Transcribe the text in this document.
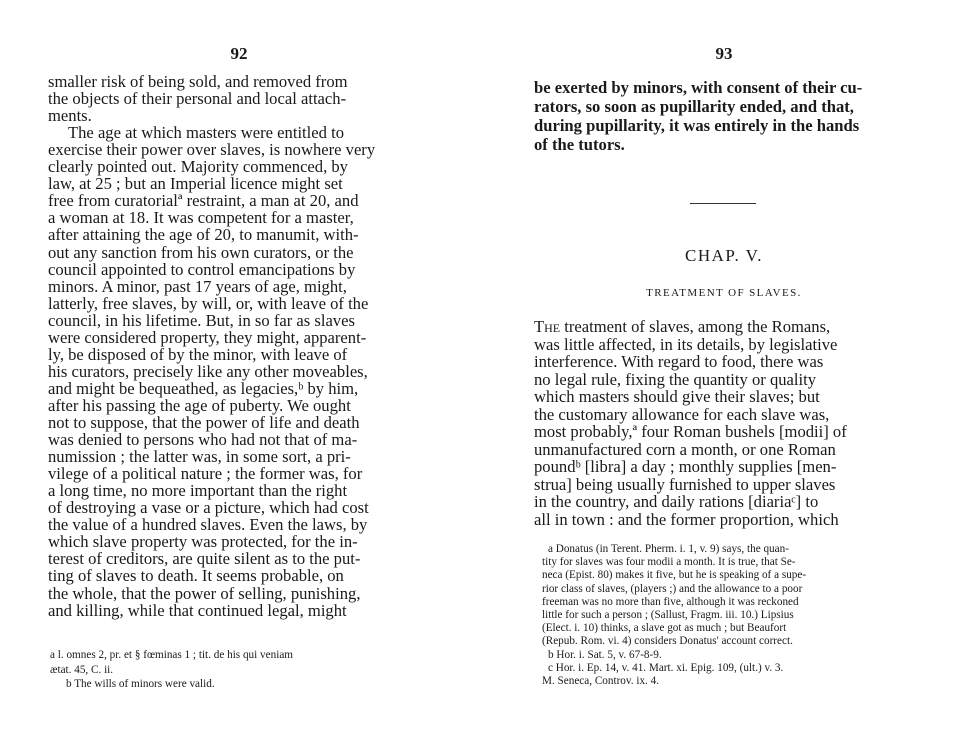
92
smaller risk of being sold, and removed from
the objects of their personal and local attach-
ments.
The age at which masters were entitled to
exercise their power over slaves, is nowhere very
clearly pointed out. Majority commenced, by
law, at 25 ; but an Imperial licence might set
free from curatorialª restraint, a man at 20, and
a woman at 18. It was competent for a master,
after attaining the age of 20, to manumit, with-
out any sanction from his own curators, or the
council appointed to control emancipations by
minors. A minor, past 17 years of age, might,
latterly, free slaves, by will, or, with leave of the
council, in his lifetime. But, in so far as slaves
were considered property, they might, apparent-
ly, be disposed of by the minor, with leave of
his curators, precisely like any other moveables,
and might be bequeathed, as legacies,ᵇ by him,
after his passing the age of puberty. We ought
not to suppose, that the power of life and death
was denied to persons who had not that of ma-
numission ; the latter was, in some sort, a pri-
vilege of a political nature ; the former was, for
a long time, no more important than the right
of destroying a vase or a picture, which had cost
the value of a hundred slaves. Even the laws, by
which slave property was protected, for the in-
terest of creditors, are quite silent as to the put-
ting of slaves to death. It seems probable, on
the whole, that the power of selling, punishing,
and killing, while that continued legal, might
a l. omnes 2, pr. et § fœminas 1 ; tit. de his qui veniam
ætat. 45, C. ii.
b The wills of minors were valid.
93
be exerted by minors, with consent of their cu-
rators, so soon as pupillarity ended, and that,
during pupillarity, it was entirely in the hands
of the tutors.
CHAP. V.
TREATMENT OF SLAVES.
The treatment of slaves, among the Romans,
was little affected, in its details, by legislative
interference. With regard to food, there was
no legal rule, fixing the quantity or quality
which masters should give their slaves; but
the customary allowance for each slave was,
most probably,ª four Roman bushels [modii] of
unmanufactured corn a month, or one Roman
poundᵇ [libra] a day ; monthly supplies [men-
strua] being usually furnished to upper slaves
in the country, and daily rations [diariaᶜ] to
all in town : and the former proportion, which
a Donatus (in Terent. Pherm. i. 1, v. 9) says, the quan-
tity for slaves was four modii a month. It is true, that Se-
neca (Epist. 80) makes it five, but he is speaking of a supe-
rior class of slaves, (players ;) and the allowance to a poor
freeman was no more than five, although it was reckoned
little for such a person ; (Sallust, Fragm. iii. 10.) Lipsius
(Elect. i. 10) thinks, a slave got as much ; but Beaufort
(Repub. Rom. vi. 4) considers Donatus' account correct.
b Hor. i. Sat. 5, v. 67-8-9.
c Hor. i. Ep. 14, v. 41. Mart. xi. Epig. 109, (ult.) v. 3.
M. Seneca, Controv. ix. 4.
